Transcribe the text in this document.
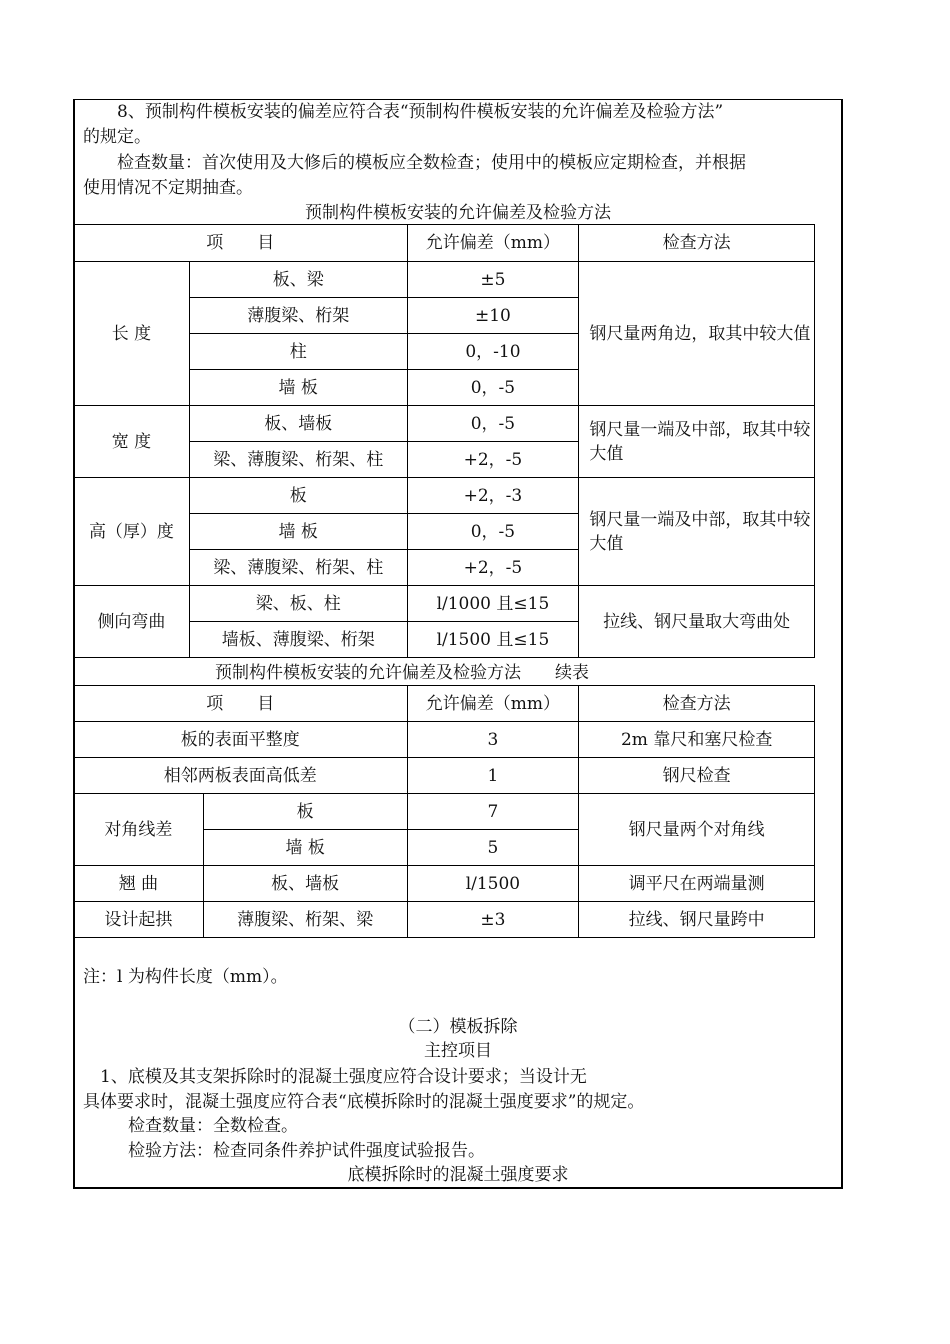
8、预制构件模板安装的偏差应符合表“预制构件模板安装的允许偏差及检验方法”
的规定。
检查数量：首次使用及大修后的模板应全数检查；使用中的模板应定期检查，并根据
使用情况不定期抽查。
预制构件模板安装的允许偏差及检验方法
项　　目		允许偏差（mm）	检查方法
长 度	板、梁	±5	钢尺量两角边，取其中较大值
	薄腹梁、桁架	±10	
	柱	0，-10	
	墙 板	0，-5	
宽 度	板、墙板	0，-5	钢尺量一端及中部，取其中较大值
	梁、薄腹梁、桁架、柱	+2，-5	
高（厚）度	板	+2，-3	钢尺量一端及中部，取其中较大值
	墙 板	0，-5	
	梁、薄腹梁、桁架、柱	+2，-5	
侧向弯曲	梁、板、柱	l/1000 且≤15	拉线、钢尺量取大弯曲处
	墙板、薄腹梁、桁架	l/1500 且≤15	
预制构件模板安装的允许偏差及检验方法　　续表
项　　目		允许偏差（mm）	检查方法
板的表面平整度		3	2m 靠尺和塞尺检查
相邻两板表面高低差		1	钢尺检查
对角线差	板	7	钢尺量两个对角线
	墙 板	5	
翘 曲	板、墙板	l/1500	调平尺在两端量测
设计起拱	薄腹梁、桁架、梁	±3	拉线、钢尺量跨中
注：l 为构件长度（mm）。
（二）模板拆除
主控项目
1、底模及其支架拆除时的混凝土强度应符合设计要求；当设计无
具体要求时，混凝土强度应符合表“底模拆除时的混凝土强度要求”的规定。
检查数量：全数检查。
检验方法：检查同条件养护试件强度试验报告。
底模拆除时的混凝土强度要求
